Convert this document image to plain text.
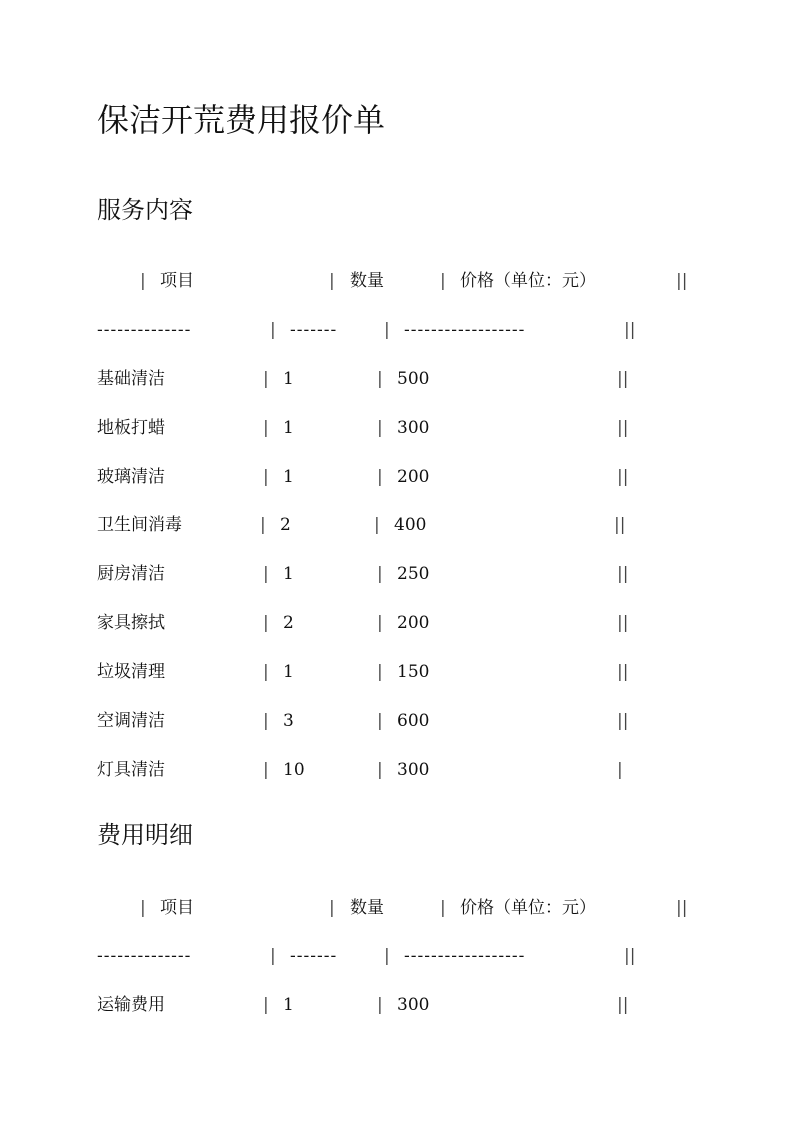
保洁开荒费用报价单
服务内容
| 项目	| 数量	| 价格（单位：元）	||
--------------	| -------	| ------------------	||
基础清洁	| 1	| 500	||
地板打蜡	| 1	| 300	||
玻璃清洁	| 1	| 200	||
卫生间消毒	| 2	| 400	||
厨房清洁	| 1	| 250	||
家具擦拭	| 2	| 200	||
垃圾清理	| 1	| 150	||
空调清洁	| 3	| 600	||
灯具清洁	| 10	| 300	|
费用明细
| 项目	| 数量	| 价格（单位：元）	||
--------------	| -------	| ------------------	||
运输费用	| 1	| 300	||
